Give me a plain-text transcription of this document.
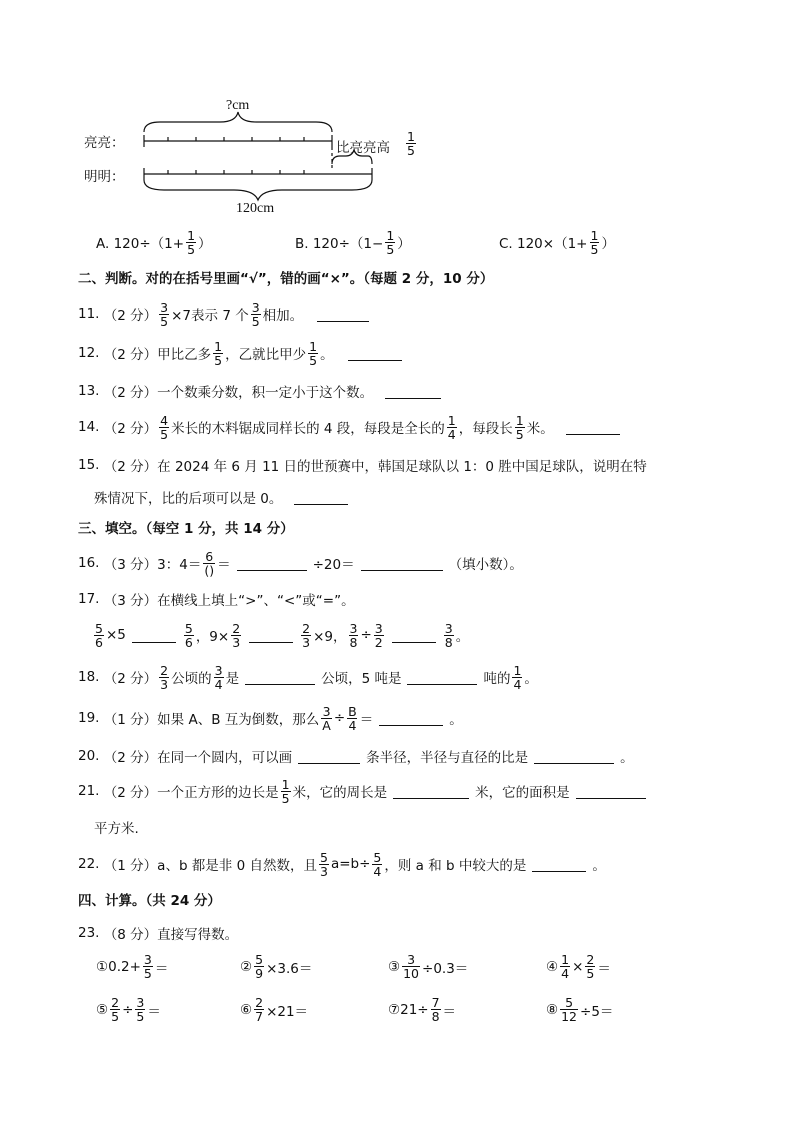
?cm
亮亮：
明明：
比亮亮高 $\frac{1}{5}$
120cm
A. $120\div(1+ \frac{1}{5}$ ）	B. $120\div(1- \frac{1}{5}$ ）	C. $120\times(1+ \frac{1}{5}$ ）
二、判断。对的在括号里画“√”，错的画“×”。（每题 2 分，10 分）
11.
（2 分） $\frac{3}{5} \times 7$表示 7 个 $\frac{3}{5}$ 相加。
12.
（2 分） 甲比乙多 $\frac{1}{5}$ ，乙就比甲少 $\frac{1}{5}$ 。
13.
（2 分） 一个数乘分数，积一定小于这个数。
14.
（2 分） $\frac{4}{5}$ 米长的木料锯成同样长的 4 段，每段是全长的 $\frac{1}{4}$ ，每段长 $\frac{1}{5}$ 米。
15.
（2 分） 在 2024 年 6 月 11 日的世预赛中，韩国足球队以 1：0 胜中国足球队，说明在特
殊情况下，比的后项可以是 0。
三、填空。（每空 1 分，共 14 分）
16.
（3 分） 3：$4= \frac{6}{()}$ ＝	÷20＝	（填小数）。
17.
（3 分） 在横线上填上“>”、“<”或“=”。
$\frac{5}{6} \times 5$	$\frac{5}{6}$ ，$9\times \frac{2}{3}$	$\frac{2}{3} \times 9$， $\frac{3}{8} \div \frac{3}{2}$	$\frac{3}{8}$ 。
18.
（2 分） $\frac{2}{3}$ 公顷的 $\frac{3}{4}$ 是	公顷，5 吨是	吨的 $\frac{1}{4}$ 。
19.
（1 分） 如果 A、B 互为倒数，那么 $\frac{3}{A} \div \frac{B}{4}$ ＝	。
20.
（2 分） 在同一个圆内，可以画	条半径，半径与直径的比是	。
21.
（2 分） 一个正方形的边长是 $\frac{1}{5}$ 米，它的周长是	米，它的面积是
平方米.
22.
（1 分） a、b 都是非 0 自然数，且 $\frac{5}{3} a=b\div \frac{5}{4}$ ，则 a 和 b 中较大的是	。
四、计算。（共 24 分）
23.
（8 分） 直接写得数。
①0.2+ $\frac{3}{5}$ ＝	② $\frac{5}{9} \times 3.6=$	③ $\frac{3}{10} \div 0.3=$	④ $\frac{1}{4} \times \frac{2}{5}$ ＝
⑤ $\frac{2}{5} \div \frac{3}{5}$ ＝	⑥ $\frac{2}{7} \times 21=$	⑦21÷ $\frac{7}{8}$ ＝	⑧ $\frac{5}{12} \div 5=$
